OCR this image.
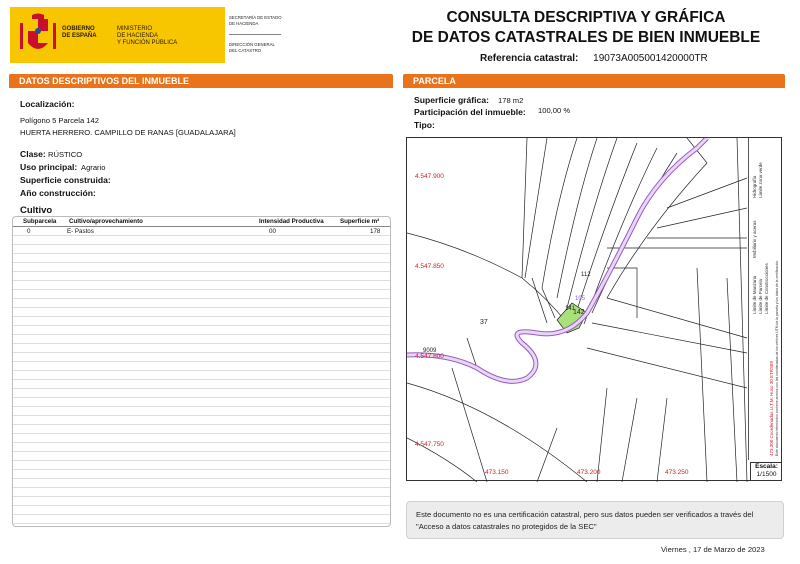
GOBIERNO
DE ESPAÑA
MINISTERIO
DE HACIENDA
Y FUNCIÓN PÚBLICA
SECRETARÍA DE ESTADO
DE HACIENDA
DIRECCIÓN GENERAL
DEL CATASTRO
CONSULTA DESCRIPTIVA Y GRÁFICA
DE DATOS CATASTRALES DE BIEN INMUEBLE
Referencia catastral: 19073A005001420000TR
DATOS DESCRIPTIVOS DEL INMUEBLE
Localización:
Polígono 5 Parcela 142
HUERTA HERRERO. CAMPILLO DE RANAS [GUADALAJARA]
Clase: RÚSTICO
Uso principal: Agrario
Superficie construida:
Año construcción:
Cultivo
Subparcela Cultivo/aprovechamiento	Intensidad Productiva	Superficie m²
0	E- Pastos	00	178
PARCELA
Superficie gráfica: 178 m2
Participación del inmueble: 100,00 %
Tipo:
4.547.900
4.547.850
4.547.800
4.547.750
473.150	473.200	473.250
37
9009
142
141
112
105	Límite de Manzana Límite de Parcela Límite de Construcciones
Mobiliario y aceras
Límite zona verde
Hidrografía
473,300 Coordenadas U.T.M. Huso 30 ETRS89 Este documento electrónico contiene anexos con las coordenadas de los vértices UTM de la parcela y los datos de la certificación.
Escala:
1/1500
Este documento no es una certificación catastral, pero sus datos pueden ser verificados a través del "Acceso a datos catastrales no protegidos de la SEC"
Viernes , 17 de Marzo de 2023
